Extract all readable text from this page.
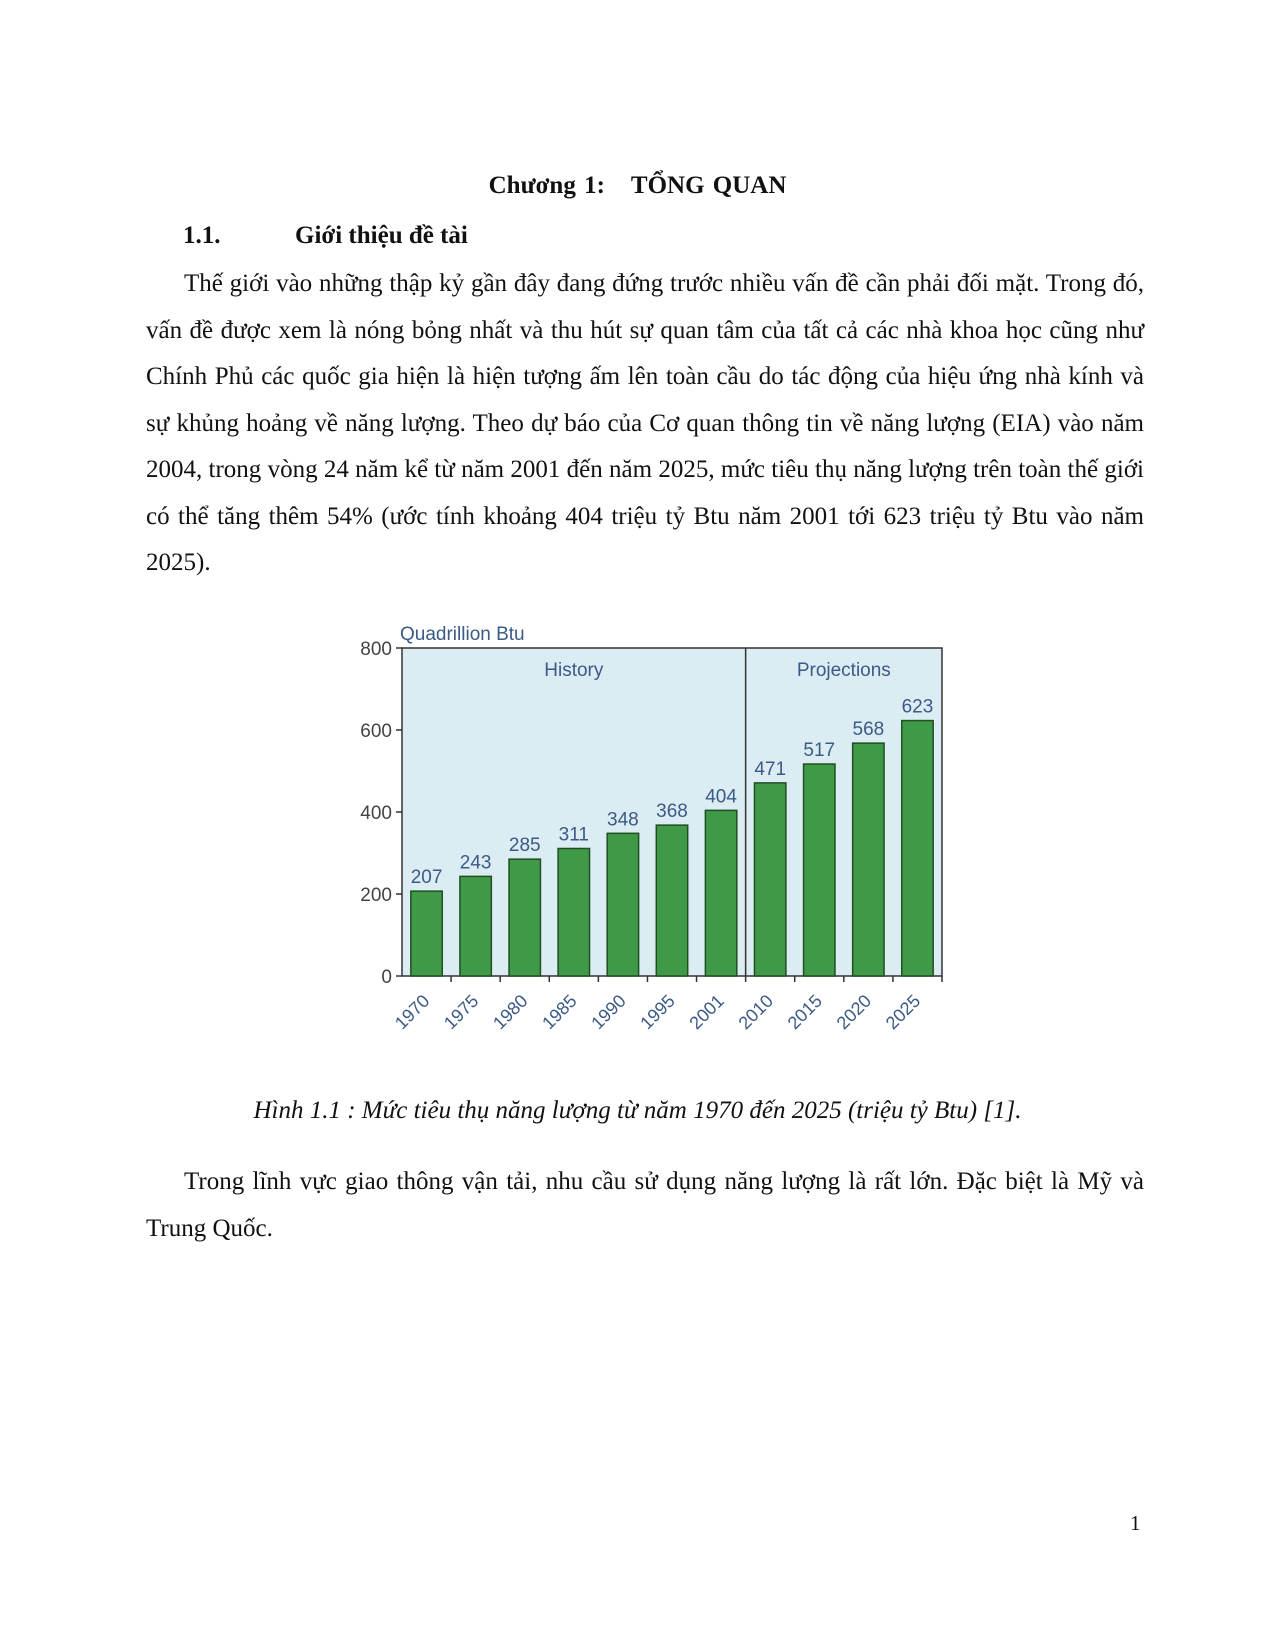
Chương 1: TỔNG QUAN
1.1.	Giới thiệu đề tài

Thế giới vào những thập kỷ gần đây đang đứng trước nhiều vấn đề cần phải đối mặt. Trong đó, vấn đề được xem là nóng bỏng nhất và thu hút sự quan tâm của tất cả các nhà khoa học cũng như Chính Phủ các quốc gia hiện là hiện tượng ấm lên toàn cầu do tác động của hiệu ứng nhà kính và sự khủng hoảng về năng lượng. Theo dự báo của Cơ quan thông tin về năng lượng (EIA) vào năm 2004, trong vòng 24 năm kể từ năm 2001 đến năm 2025, mức tiêu thụ năng lượng trên toàn thế giới có thể tăng thêm 54% (ước tính khoảng 404 triệu tỷ Btu năm 2001 tới 623 triệu tỷ Btu vào năm 2025).

History	Projections
Quadrillion Btu
0
200
400
600
800
207
1970
243
1975
285
1980
311
1985
348
1990
368
1995
404
2001
471
2010
517
2015
568
2020
623
2025
Hình 1.1 : Mức tiêu thụ năng lượng từ năm 1970 đến 2025 (triệu tỷ Btu) [1].

Trong lĩnh vực giao thông vận tải, nhu cầu sử dụng năng lượng là rất lớn. Đặc biệt là Mỹ và Trung Quốc.

1
